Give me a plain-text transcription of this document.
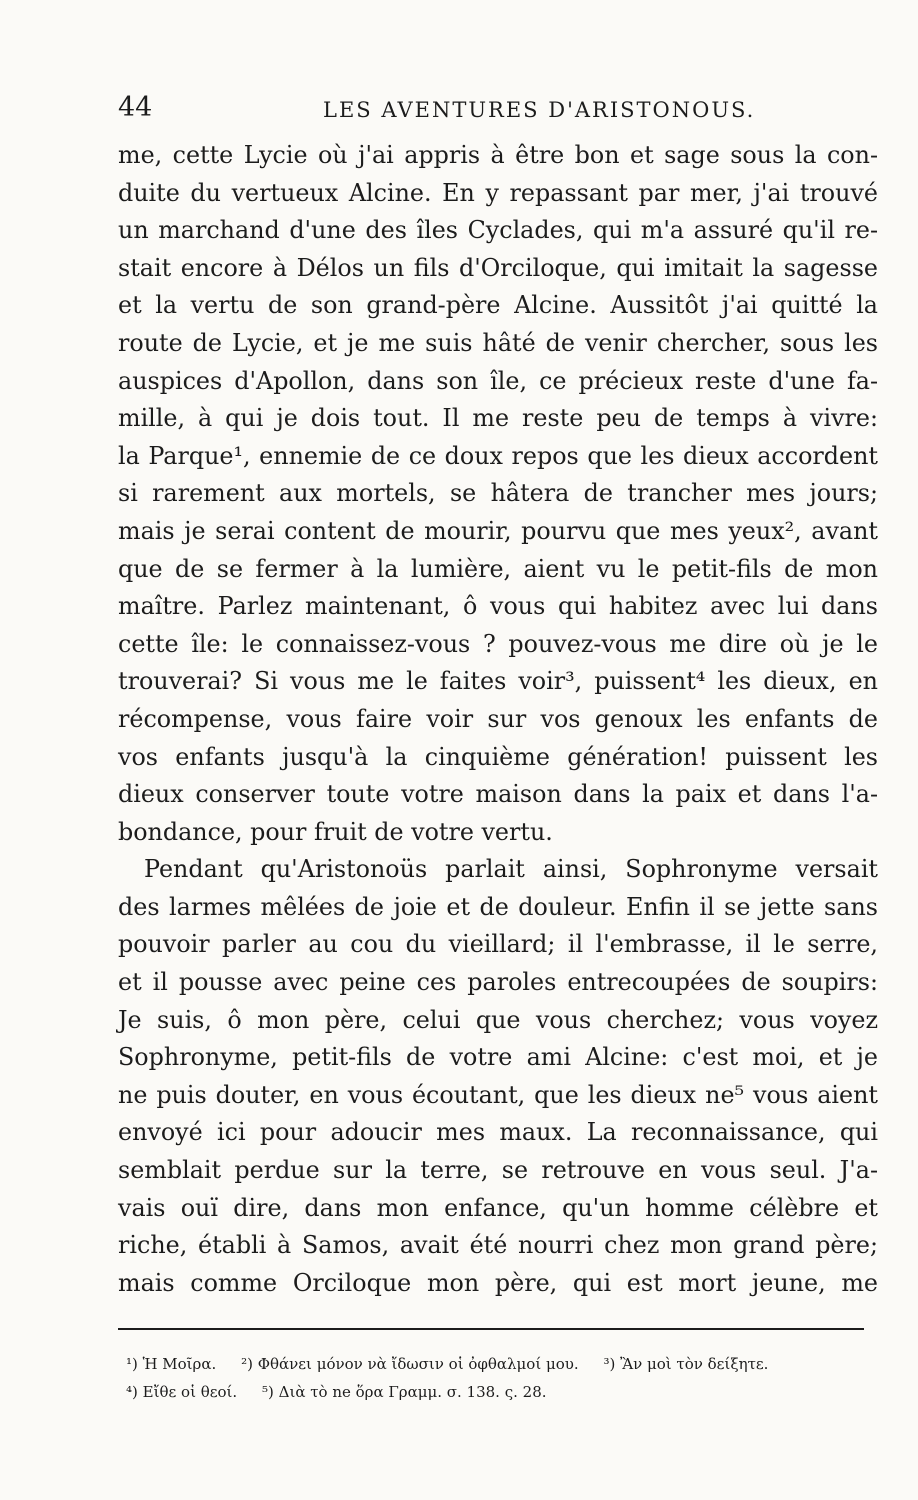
44	LES AVENTURES D'ARISTONOUS.
me, cette Lycie où j'ai appris à être bon et sage sous la con-
duite du vertueux Alcine. En y repassant par mer, j'ai trouvé
un marchand d'une des îles Cyclades, qui m'a assuré qu'il re-
stait encore à Délos un fils d'Orciloque, qui imitait la sagesse
et la vertu de son grand-père Alcine. Aussitôt j'ai quitté la
route de Lycie, et je me suis hâté de venir chercher, sous les
auspices d'Apollon, dans son île, ce précieux reste d'une fa-
mille, à qui je dois tout. Il me reste peu de temps à vivre:
la Parque¹, ennemie de ce doux repos que les dieux accordent
si rarement aux mortels, se hâtera de trancher mes jours;
mais je serai content de mourir, pourvu que mes yeux², avant
que de se fermer à la lumière, aient vu le petit-fils de mon
maître. Parlez maintenant, ô vous qui habitez avec lui dans
cette île: le connaissez-vous ? pouvez-vous me dire où je le
trouverai? Si vous me le faites voir³, puissent⁴ les dieux, en
récompense, vous faire voir sur vos genoux les enfants de
vos enfants jusqu'à la cinquième génération! puissent les
dieux conserver toute votre maison dans la paix et dans l'a-
bondance, pour fruit de votre vertu.
Pendant qu'Aristonoüs parlait ainsi, Sophronyme versait
des larmes mêlées de joie et de douleur. Enfin il se jette sans
pouvoir parler au cou du vieillard; il l'embrasse, il le serre,
et il pousse avec peine ces paroles entrecoupées de soupirs:
Je suis, ô mon père, celui que vous cherchez; vous voyez
Sophronyme, petit-fils de votre ami Alcine: c'est moi, et je
ne puis douter, en vous écoutant, que les dieux ne⁵ vous aient
envoyé ici pour adoucir mes maux. La reconnaissance, qui
semblait perdue sur la terre, se retrouve en vous seul. J'a-
vais ouï dire, dans mon enfance, qu'un homme célèbre et
riche, établi à Samos, avait été nourri chez mon grand père;
mais comme Orciloque mon père, qui est mort jeune, me
¹) Ἡ Μοῖρα. ²) Φθάνει μόνον νὰ ἴδωσιν οἱ ὀφθαλμοί μου. ³) Ἂν μοὶ τὸν δείξητε.
⁴) Εἴθε οἱ θεοί. ⁵) Διὰ τὸ ne ὅρα Γραμμ. σ. 138. ς. 28.
